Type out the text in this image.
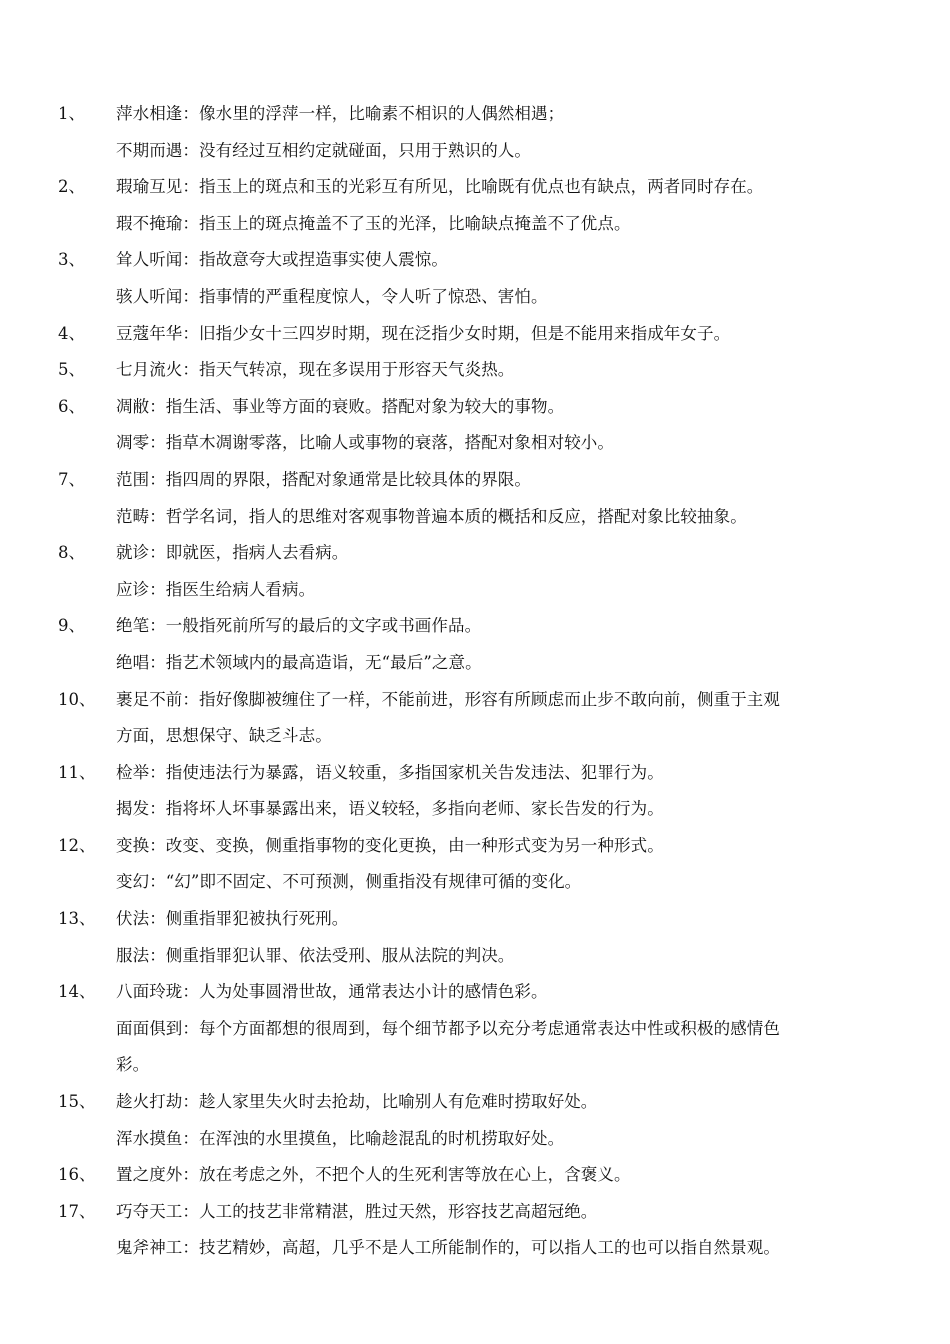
1、 萍水相逢：像水里的浮萍一样，比喻素不相识的人偶然相遇；
不期而遇：没有经过互相约定就碰面，只用于熟识的人。
2、 瑕瑜互见：指玉上的斑点和玉的光彩互有所见，比喻既有优点也有缺点，两者同时存在。
瑕不掩瑜：指玉上的斑点掩盖不了玉的光泽，比喻缺点掩盖不了优点。
3、 耸人听闻：指故意夸大或捏造事实使人震惊。
骇人听闻：指事情的严重程度惊人，令人听了惊恐、害怕。
4、 豆蔻年华：旧指少女十三四岁时期，现在泛指少女时期，但是不能用来指成年女子。
5、 七月流火：指天气转凉，现在多误用于形容天气炎热。
6、 凋敝：指生活、事业等方面的衰败。搭配对象为较大的事物。
凋零：指草木凋谢零落，比喻人或事物的衰落，搭配对象相对较小。
7、 范围：指四周的界限，搭配对象通常是比较具体的界限。
范畴：哲学名词，指人的思维对客观事物普遍本质的概括和反应，搭配对象比较抽象。
8、 就诊：即就医，指病人去看病。
应诊：指医生给病人看病。
9、 绝笔：一般指死前所写的最后的文字或书画作品。
绝唱：指艺术领域内的最高造诣，无“最后”之意。
10、 裹足不前：指好像脚被缠住了一样，不能前进，形容有所顾虑而止步不敢向前，侧重于主观
方面，思想保守、缺乏斗志。
11、 检举：指使违法行为暴露，语义较重，多指国家机关告发违法、犯罪行为。
揭发：指将坏人坏事暴露出来，语义较轻，多指向老师、家长告发的行为。
12、 变换：改变、变换，侧重指事物的变化更换，由一种形式变为另一种形式。
变幻：“幻”即不固定、不可预测，侧重指没有规律可循的变化。
13、 伏法：侧重指罪犯被执行死刑。
服法：侧重指罪犯认罪、依法受刑、服从法院的判决。
14、 八面玲珑：人为处事圆滑世故，通常表达小计的感情色彩。
面面俱到：每个方面都想的很周到，每个细节都予以充分考虑通常表达中性或积极的感情色
彩。
15、 趁火打劫：趁人家里失火时去抢劫，比喻别人有危难时捞取好处。
浑水摸鱼：在浑浊的水里摸鱼，比喻趁混乱的时机捞取好处。
16、 置之度外：放在考虑之外，不把个人的生死利害等放在心上，含褒义。
17、 巧夺天工：人工的技艺非常精湛，胜过天然，形容技艺高超冠绝。
鬼斧神工：技艺精妙，高超，几乎不是人工所能制作的，可以指人工的也可以指自然景观。
